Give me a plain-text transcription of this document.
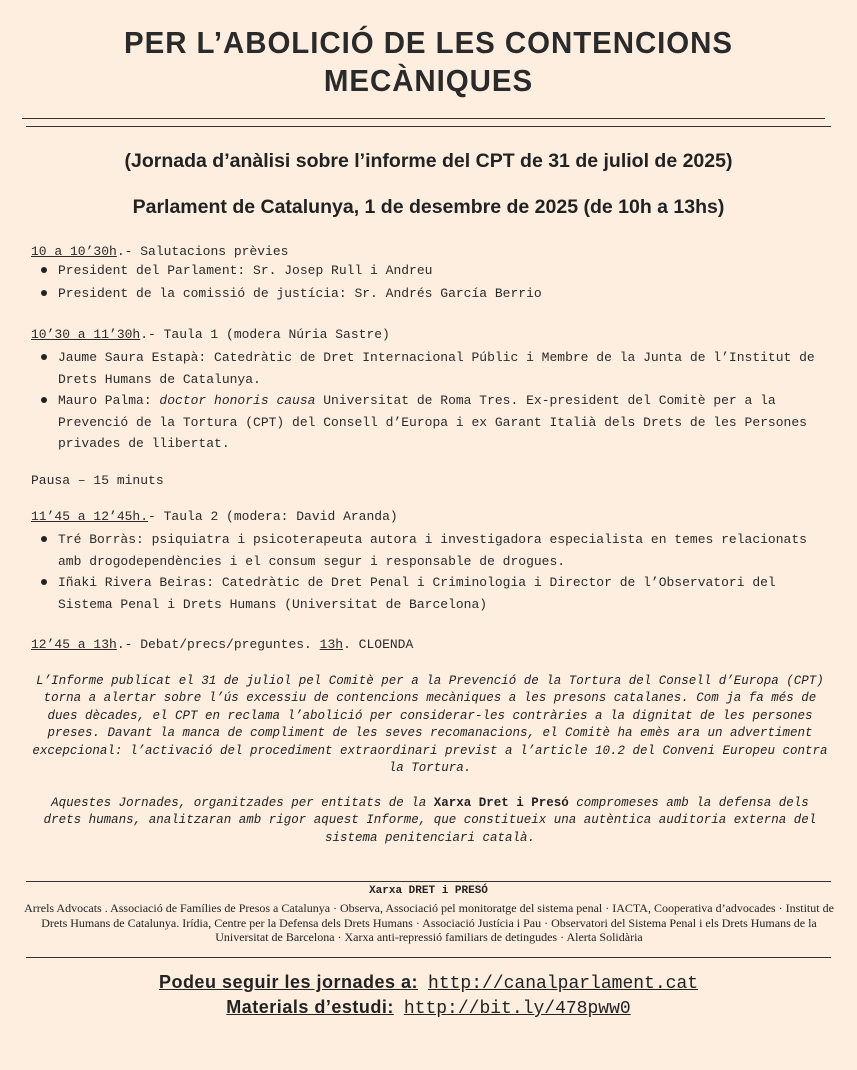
PER L’ABOLICIÓ DE LES CONTENCIONS
MECÀNIQUES
(Jornada d’anàlisi sobre l’informe del CPT de 31 de juliol de 2025)
Parlament de Catalunya, 1 de desembre de 2025 (de 10h a 13hs)
10 a 10’30h.- Salutacions prèvies
President del Parlament: Sr. Josep Rull i Andreu
President de la comissió de justícia: Sr. Andrés García Berrio
10’30 a 11’30h.- Taula 1 (modera Núria Sastre)
Jaume Saura Estapà: Catedràtic de Dret Internacional Públic i Membre de la Junta de l’Institut de Drets Humans de Catalunya.
Mauro Palma: doctor honoris causa Universitat de Roma Tres. Ex-president del Comitè per a la Prevenció de la Tortura (CPT) del Consell d’Europa i ex Garant Italià dels Drets de les Persones privades de llibertat.
Pausa – 15 minuts
11’45 a 12’45h.- Taula 2 (modera: David Aranda)
Tré Borràs: psiquiatra i psicoterapeuta autora i investigadora especialista en temes relacionats amb drogodependències i el consum segur i responsable de drogues.
Iñaki Rivera Beiras: Catedràtic de Dret Penal i Criminologia i Director de l’Observatori del Sistema Penal i Drets Humans (Universitat de Barcelona)
12’45 a 13h.- Debat/precs/preguntes. 13h. CLOENDA
L’Informe publicat el 31 de juliol pel Comitè per a la Prevenció de la Tortura del Consell d’Europa (CPT) torna a alertar sobre l’ús excessiu de contencions mecàniques a les presons catalanes. Com ja fa més de dues dècades, el CPT en reclama l’abolició per considerar-les contràries a la dignitat de les persones preses. Davant la manca de compliment de les seves recomanacions, el Comitè ha emès ara un advertiment excepcional: l’activació del procediment extraordinari previst a l’article 10.2 del Conveni Europeu contra la Tortura.
Aquestes Jornades, organitzades per entitats de la Xarxa Dret i Presó compromeses amb la defensa dels drets humans, analitzaran amb rigor aquest Informe, que constitueix una autèntica auditoria externa del sistema penitenciari català.
Xarxa DRET i PRESÓ
Arrels Advocats . Associació de Famílies de Presos a Catalunya · Observa, Associació pel monitoratge del sistema penal · IACTA, Cooperativa d’advocades · Institut de Drets Humans de Catalunya. Irídia, Centre per la Defensa dels Drets Humans · Associació Justícia i Pau · Observatori del Sistema Penal i els Drets Humans de la Universitat de Barcelona · Xarxa anti-repressió familiars de detingudes · Alerta Solidària
Podeu seguir les jornades a: http://canalparlament.cat
Materials d’estudi: http://bit.ly/478pww0
